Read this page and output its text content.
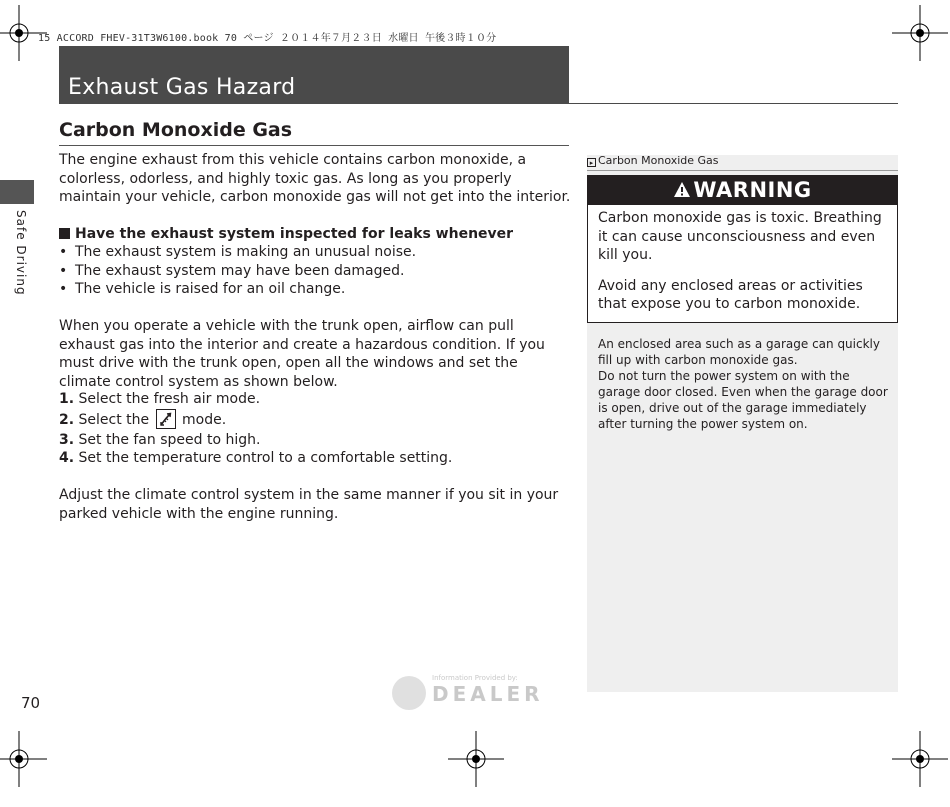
15 ACCORD FHEV-31T3W6100.book 70 ページ ２０１４年７月２３日 水曜日 午後３時１０分
Exhaust Gas Hazard
Safe Driving
70
Carbon Monoxide Gas
The engine exhaust from this vehicle contains carbon monoxide, a colorless, odorless, and highly toxic gas. As long as you properly maintain your vehicle, carbon monoxide gas will not get into the interior.
Have the exhaust system inspected for leaks whenever
• The exhaust system is making an unusual noise.
• The exhaust system may have been damaged.
• The vehicle is raised for an oil change.
When you operate a vehicle with the trunk open, airflow can pull exhaust gas into the interior and create a hazardous condition. If you must drive with the trunk open, open all the windows and set the climate control system as shown below.
1. Select the fresh air mode.
2. Select the mode.
3. Set the fan speed to high.
4. Set the temperature control to a comfortable setting.
Adjust the climate control system in the same manner if you sit in your parked vehicle with the engine running.
▸ Carbon Monoxide Gas
WARNING

Carbon monoxide gas is toxic. Breathing it can cause unconsciousness and even kill you.

Avoid any enclosed areas or activities that expose you to carbon monoxide.

An enclosed area such as a garage can quickly fill up with carbon monoxide gas.

Do not turn the power system on with the garage door closed. Even when the garage door is open, drive out of the garage immediately after turning the power system on.

Information Provided by:
DEALER
